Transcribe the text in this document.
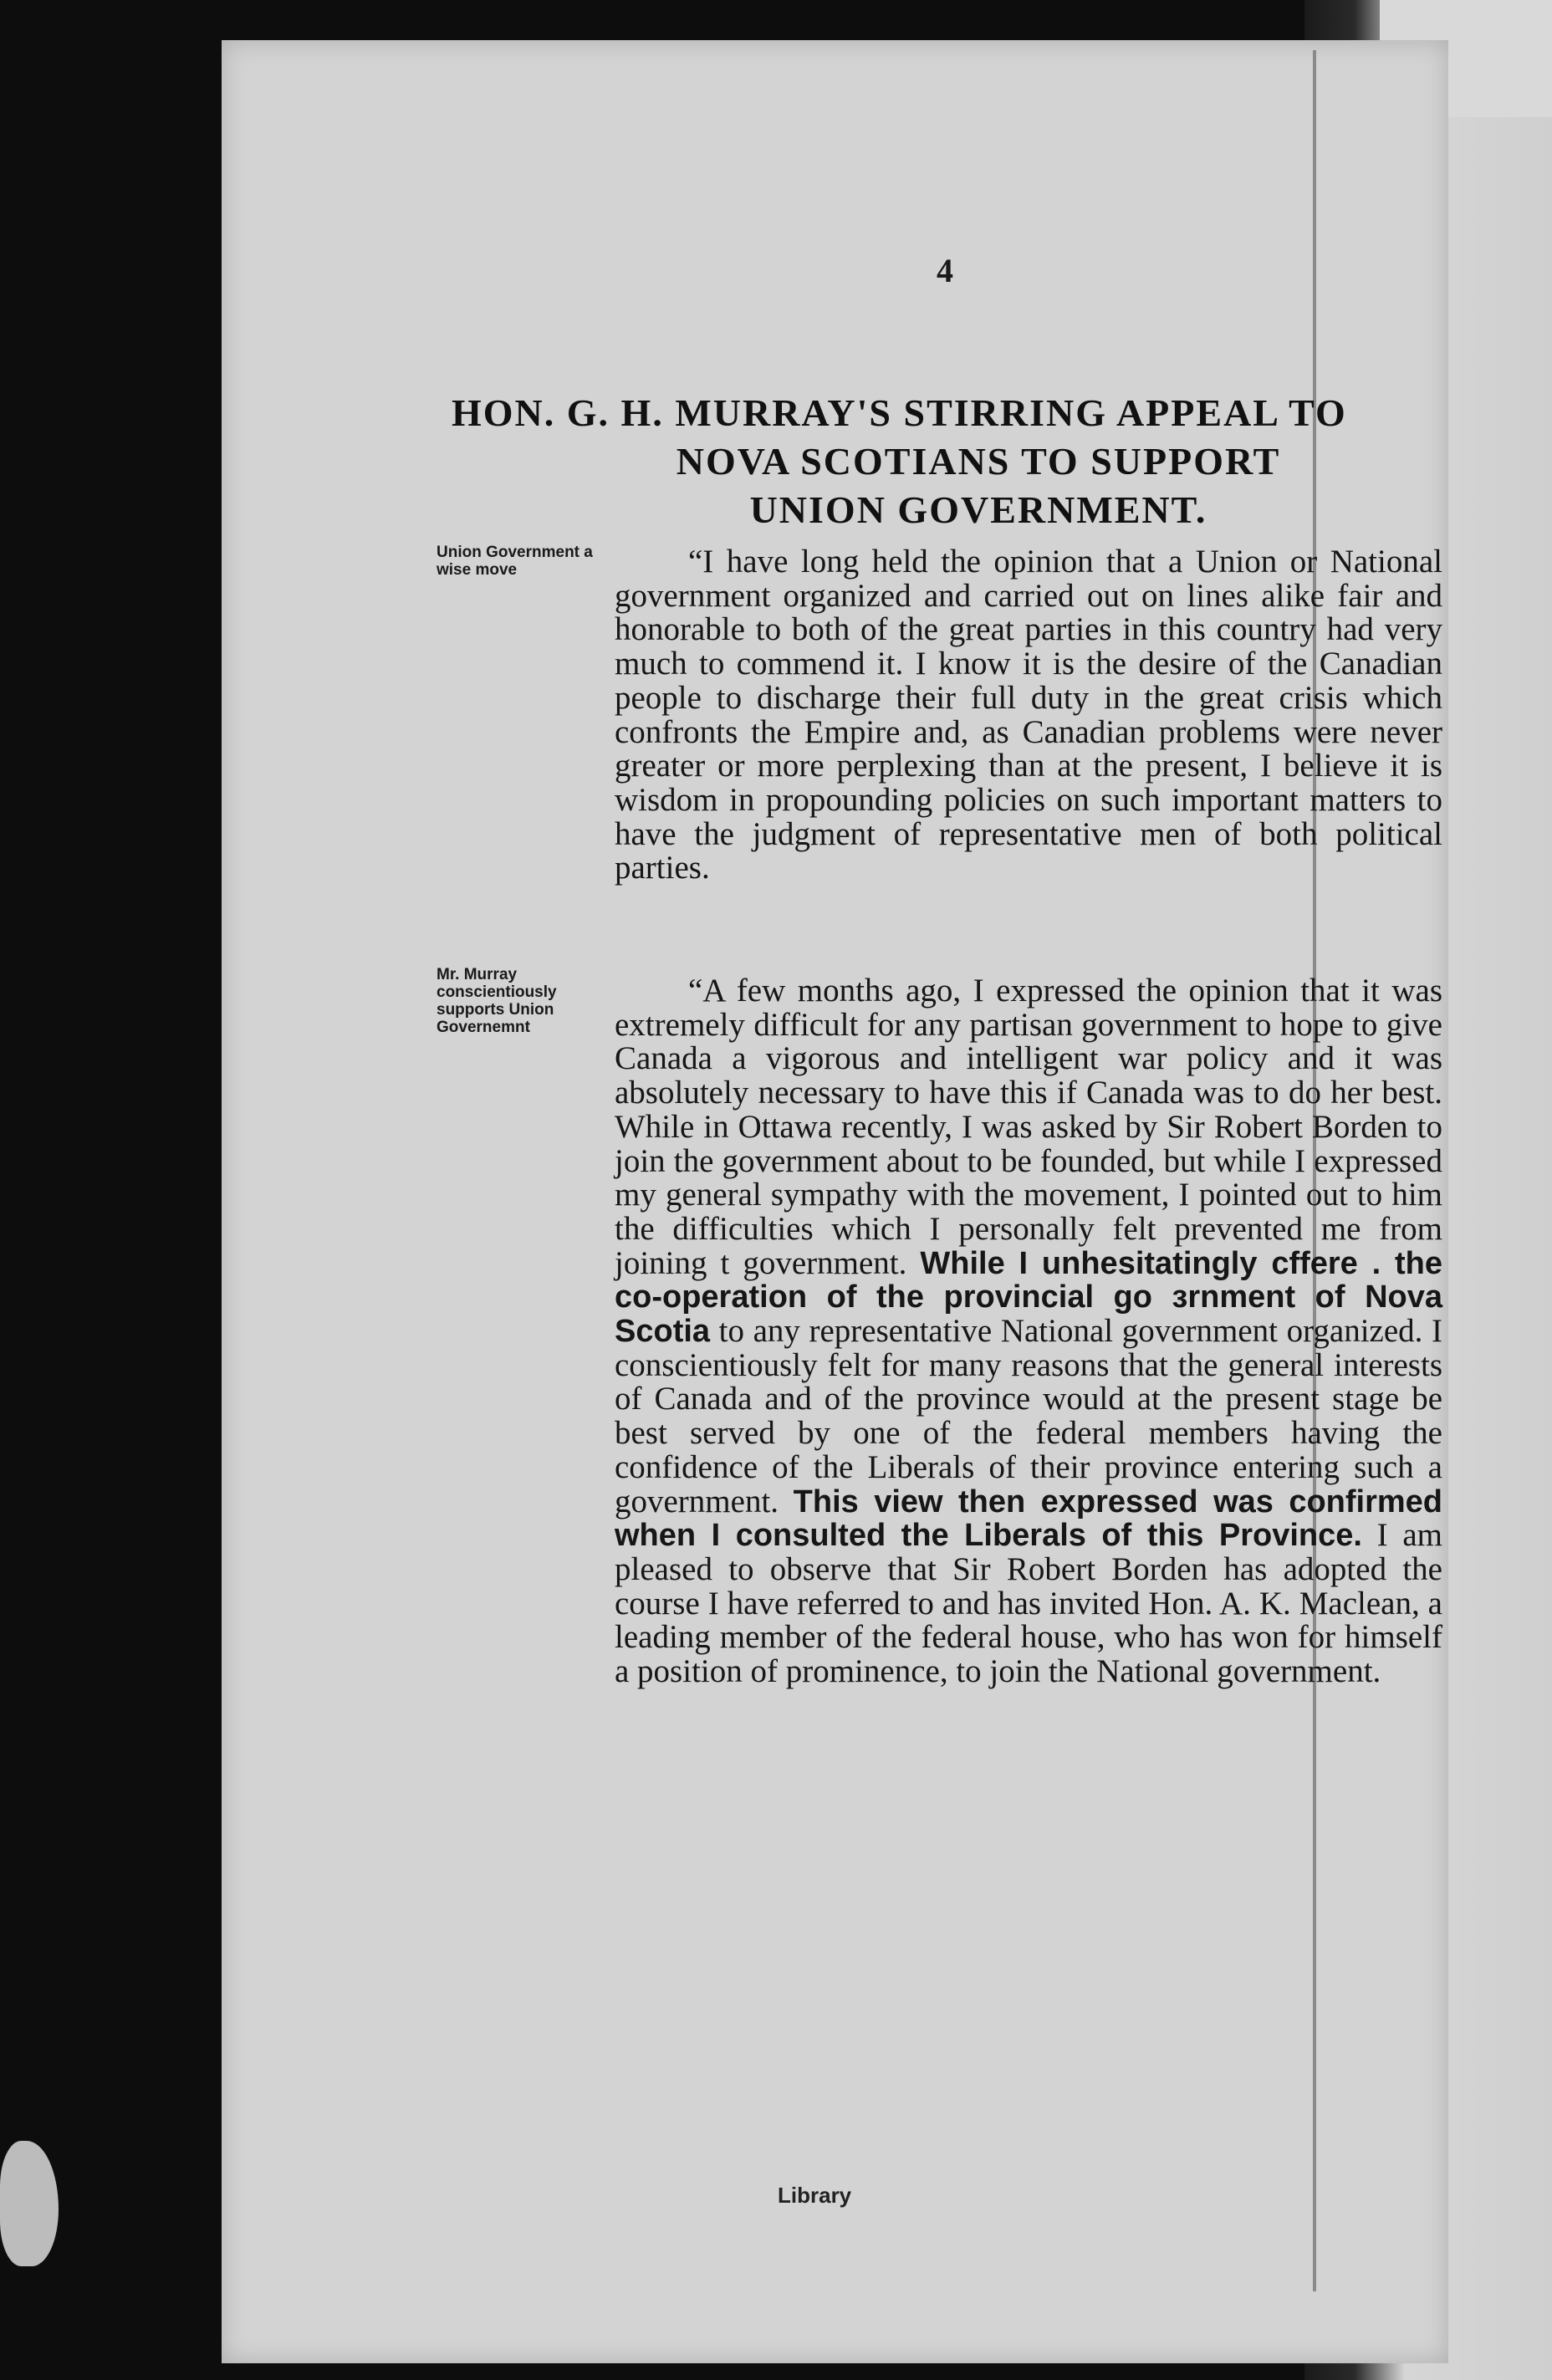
4
HON. G. H. MURRAY'S STIRRING APPEAL TO
NOVA SCOTIANS TO SUPPORT
UNION GOVERNMENT.
Union Government a wise move
Mr. Murray conscientiously supports Union Governemnt

“I have long held the opinion that a Union or National government organized and carried out on lines alike fair and honorable to both of the great parties in this country had very much to commend it. I know it is the desire of the Canadian people to discharge their full duty in the great crisis which confronts the Empire and, as Canadian problems were never greater or more perplexing than at the present, I believe it is wisdom in propounding policies on such important matters to have the judgment of representative men of both political parties.

“A few months ago, I expressed the opinion that it was extremely difficult for any partisan government to hope to give Canada a vigorous and intelligent war policy and it was absolutely necessary to have this if Canada was to do her best. While in Ottawa recently, I was asked by Sir Robert Borden to join the government about to be founded, but while I expressed my general sympathy with the movement, I pointed out to him the difficulties which I personally felt prevented me from joining t government. While I unhesitatingly сfferе . the co-operation of the provincial go зrnment of Nova Scotia to any representative National government organized. I conscientiously felt for many reasons that the general interests of Canada and of the province would at the present stage be best served by one of the federal members having the confidence of the Liberals of their province entering such a government. This view then expressed was confirmed when I consulted the Liberals of this Province. I am pleased to observe that Sir Robert Borden has adopted the course I have referred to and has invited Hon. A. K. Maclean, a leading member of the federal house, who has won for himself a position of prominence, to join the National government.

Library
